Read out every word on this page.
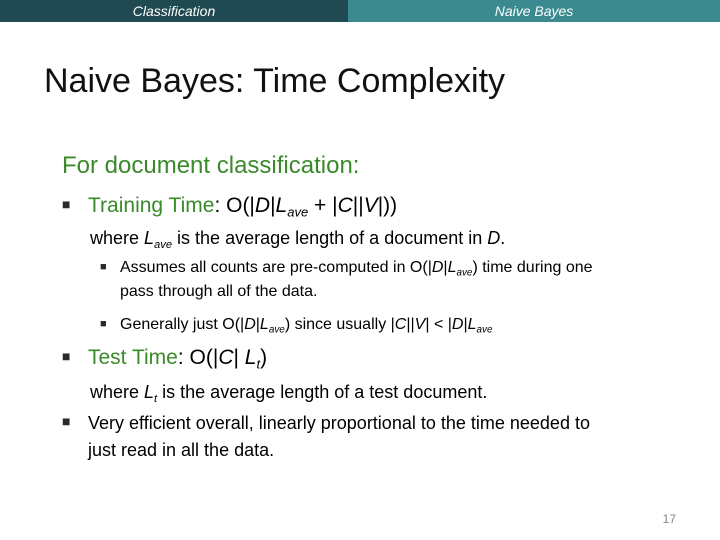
Classification	Naive Bayes
Naive Bayes: Time Complexity
For document classification:
■ Training Time: $O(|D|L_{ave} + |C||V|)$)
where $L_{ave}$ is the average length of a document in D.
■ Assumes all counts are pre-computed in $O(|D|L_{ave})$ time during one
pass through all of the data.
■ Generally just $O(|D|L_{ave})$ since usually $|C||V| < |D|L_{ave}$
■ Test Time: O(|C| $L_t$)
where $L_t$ is the average length of a test document.
■ Very efficient overall, linearly proportional to the time needed to
just read in all the data.
17
